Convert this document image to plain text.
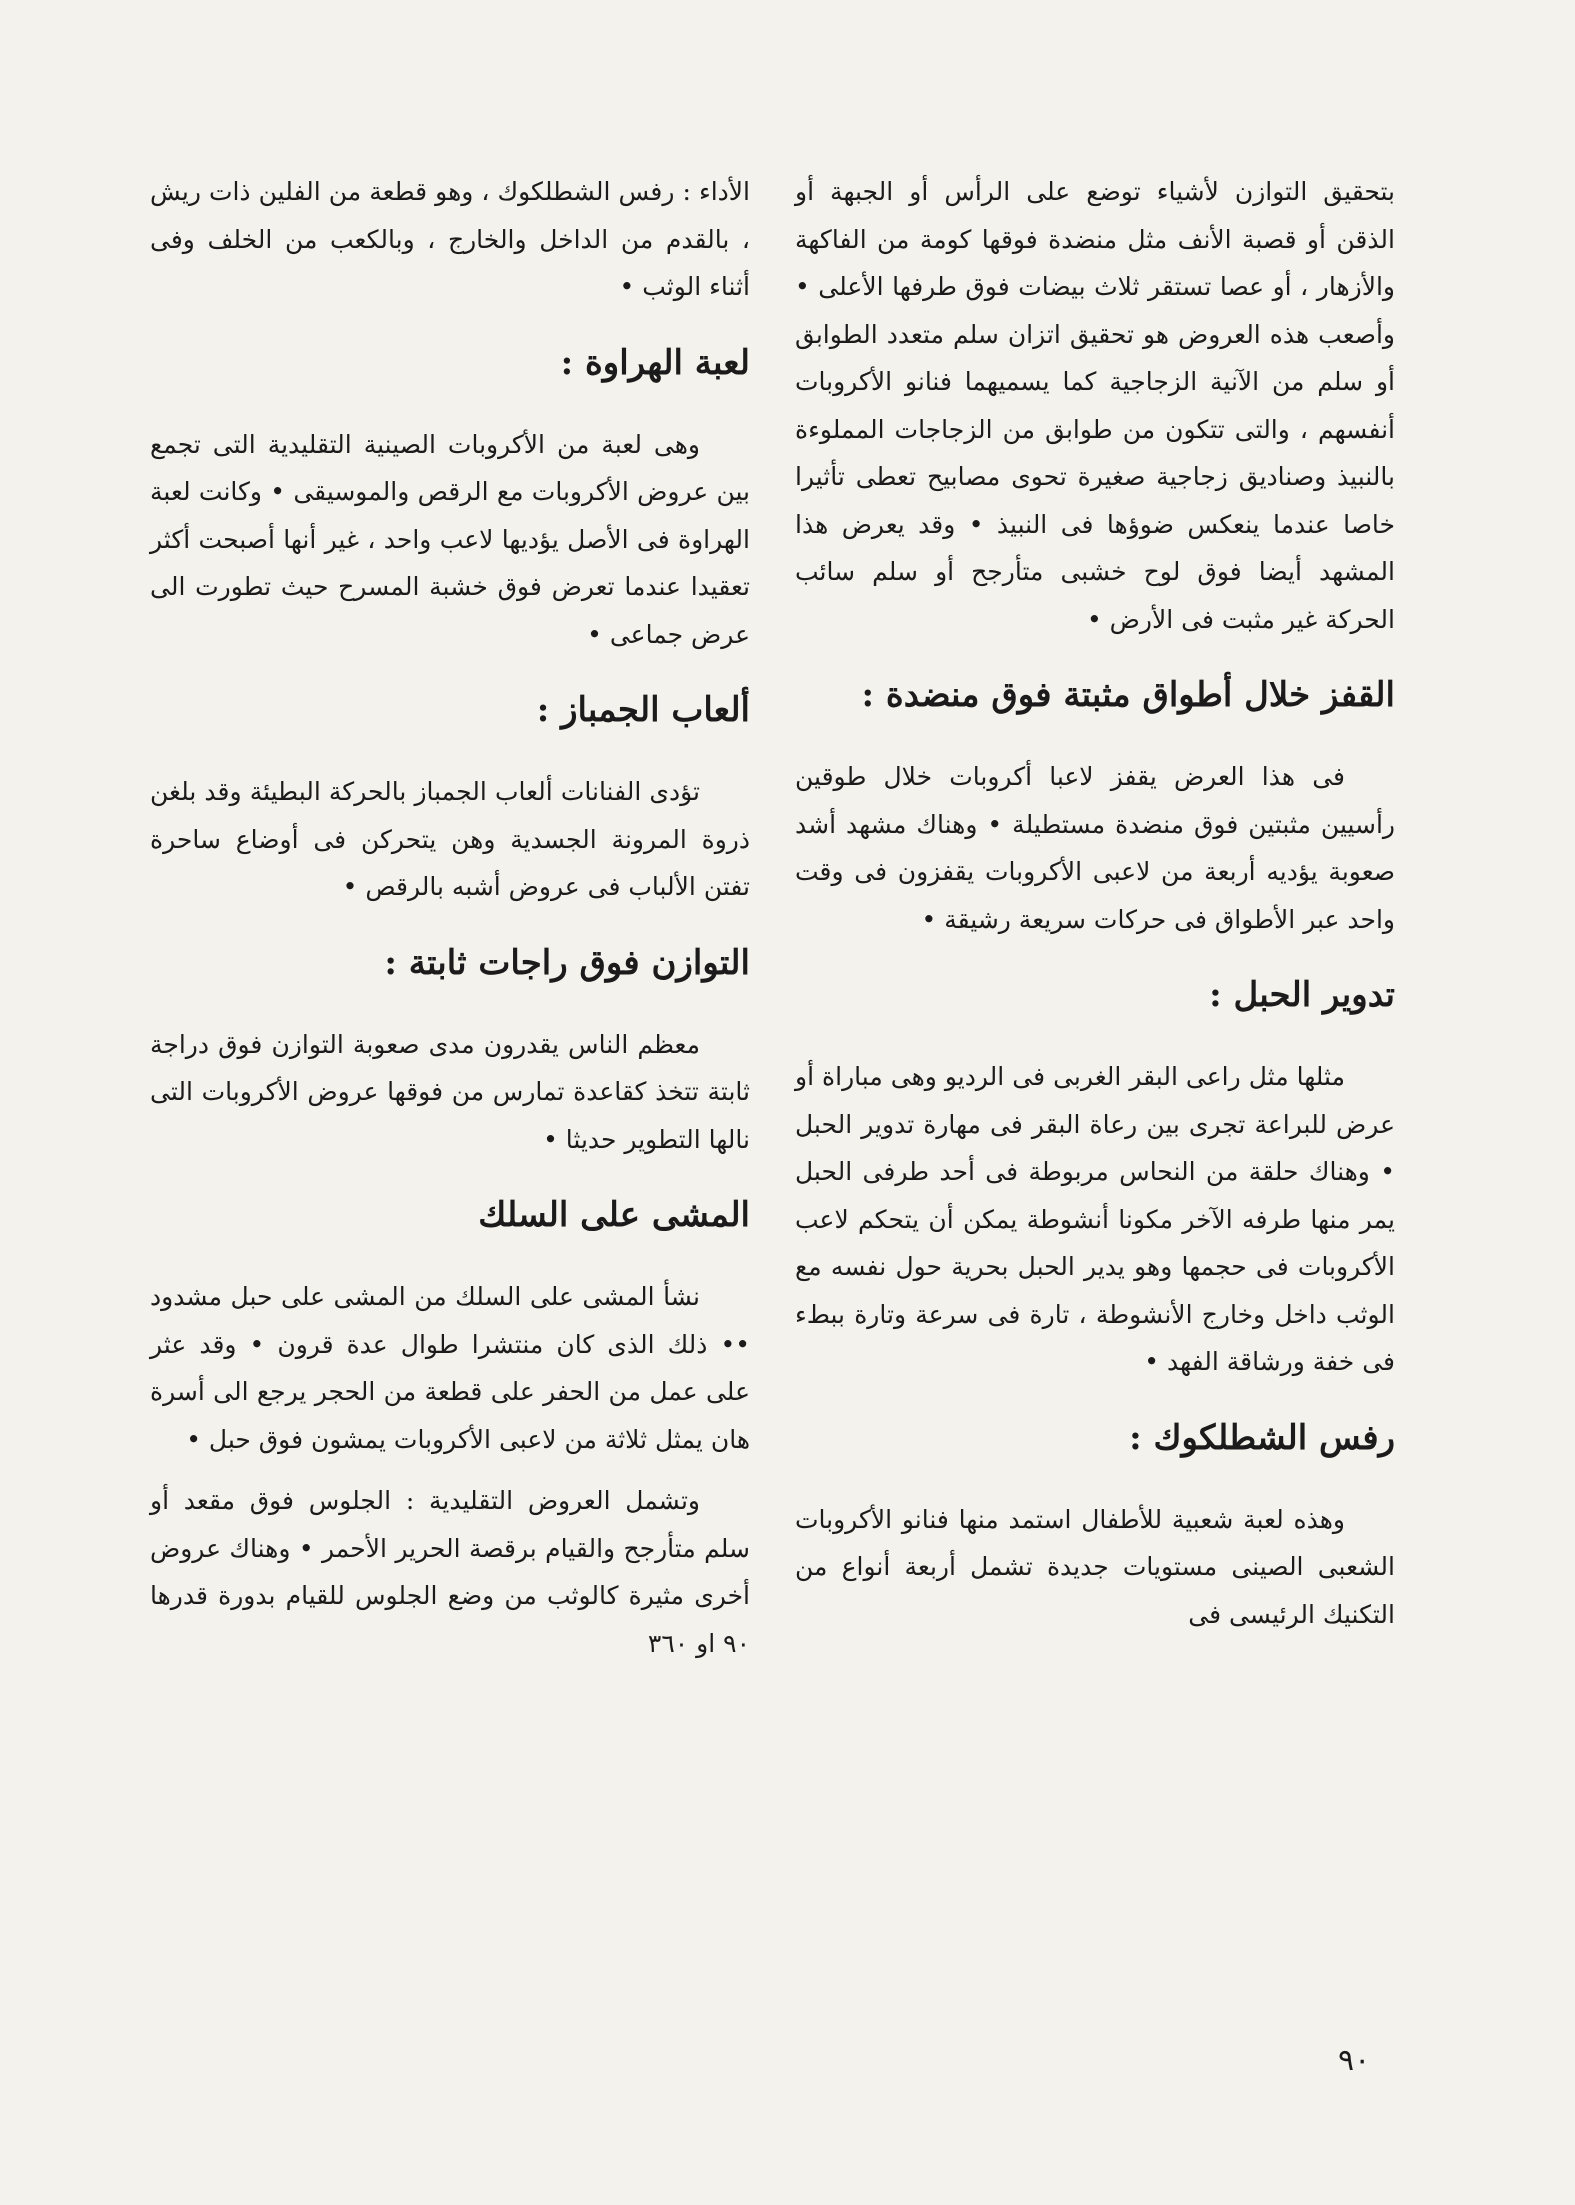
بتحقيق التوازن لأشياء توضع على الرأس أو الجبهة أو الذقن أو قصبة الأنف مثل منضدة فوقها كومة من الفاكهة والأزهار ، أو عصا تستقر ثلاث بيضات فوق طرفها الأعلى • وأصعب هذه العروض هو تحقيق اتزان سلم متعدد الطوابق أو سلم من الآنية الزجاجية كما يسميهما فنانو الأكروبات أنفسهم ، والتى تتكون من طوابق من الزجاجات المملوءة بالنبيذ وصناديق زجاجية صغيرة تحوى مصابيح تعطى تأثيرا خاصا عندما ينعكس ضوؤها فى النبيذ • وقد يعرض هذا المشهد أيضا فوق لوح خشبى متأرجح أو سلم سائب الحركة غير مثبت فى الأرض •

القفز خلال أطواق مثبتة فوق منضدة :

فى هذا العرض يقفز لاعبا أكروبات خلال طوقين رأسيين مثبتين فوق منضدة مستطيلة • وهناك مشهد أشد صعوبة يؤديه أربعة من لاعبى الأكروبات يقفزون فى وقت واحد عبر الأطواق فى حركات سريعة رشيقة •

تدوير الحبل :

مثلها مثل راعى البقر الغربى فى الرديو وهى مباراة أو عرض للبراعة تجرى بين رعاة البقر فى مهارة تدوير الحبل • وهناك حلقة من النحاس مربوطة فى أحد طرفى الحبل يمر منها طرفه الآخر مكونا أنشوطة يمكن أن يتحكم لاعب الأكروبات فى حجمها وهو يدير الحبل بحرية حول نفسه مع الوثب داخل وخارج الأنشوطة ، تارة فى سرعة وتارة ببطء فى خفة ورشاقة الفهد •

رفس الشطلكوك :

وهذه لعبة شعبية للأطفال استمد منها فنانو الأكروبات الشعبى الصينى مستويات جديدة تشمل أربعة أنواع من التكنيك الرئيسى فى

الأداء : رفس الشطلكوك ، وهو قطعة من الفلين ذات ريش ، بالقدم من الداخل والخارج ، وبالكعب من الخلف وفى أثناء الوثب •

لعبة الهراوة :

وهى لعبة من الأكروبات الصينية التقليدية التى تجمع بين عروض الأكروبات مع الرقص والموسيقى • وكانت لعبة الهراوة فى الأصل يؤديها لاعب واحد ، غير أنها أصبحت أكثر تعقيدا عندما تعرض فوق خشبة المسرح حيث تطورت الى عرض جماعى •

ألعاب الجمباز :

تؤدى الفنانات ألعاب الجمباز بالحركة البطيئة وقد بلغن ذروة المرونة الجسدية وهن يتحركن فى أوضاع ساحرة تفتن الألباب فى عروض أشبه بالرقص •

التوازن فوق راجات ثابتة :

معظم الناس يقدرون مدى صعوبة التوازن فوق دراجة ثابتة تتخذ كقاعدة تمارس من فوقها عروض الأكروبات التى نالها التطوير حديثا •

المشى على السلك

نشأ المشى على السلك من المشى على حبل مشدود •• ذلك الذى كان منتشرا طوال عدة قرون • وقد عثر على عمل من الحفر على قطعة من الحجر يرجع الى أسرة هان يمثل ثلاثة من لاعبى الأكروبات يمشون فوق حبل •

وتشمل العروض التقليدية : الجلوس فوق مقعد أو سلم متأرجح والقيام برقصة الحرير الأحمر • وهناك عروض أخرى مثيرة كالوثب من وضع الجلوس للقيام بدورة قدرها ٩٠ او ٣٦٠

٩٠
